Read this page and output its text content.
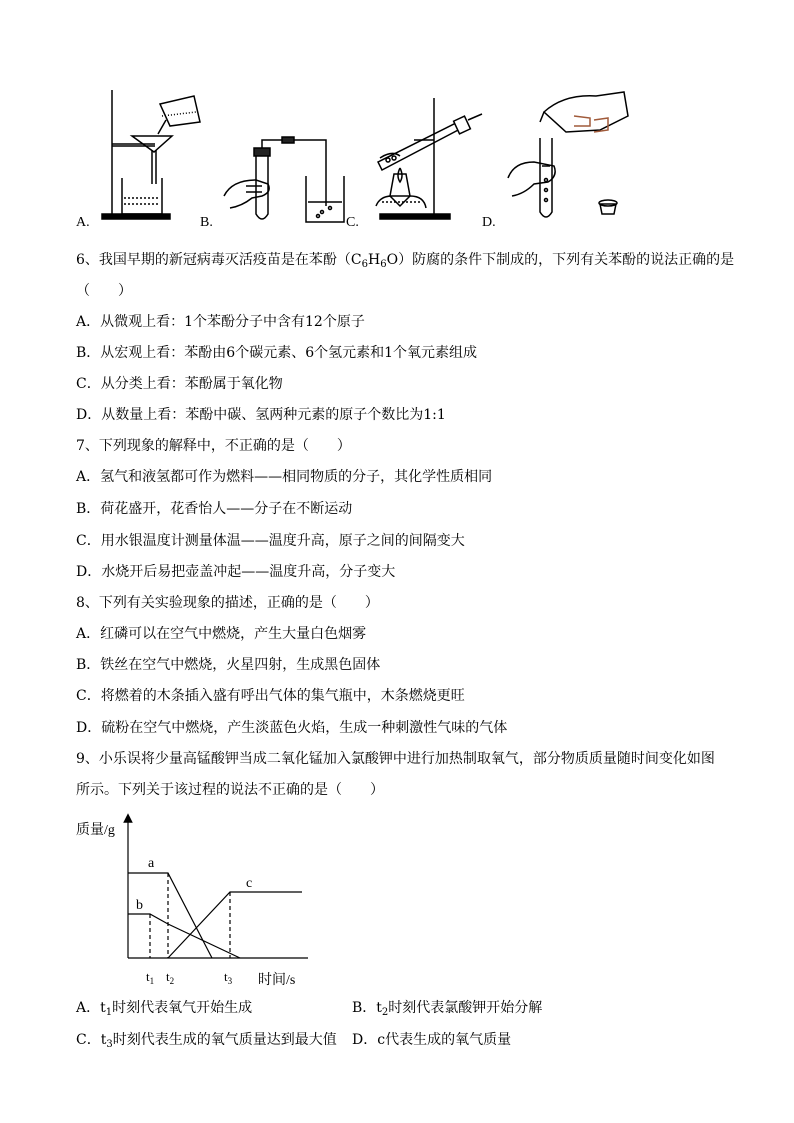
A.	B.	C.	D.
6、我国早期的新冠病毒灭活疫苗是在苯酚$(C_6H_6O)$防腐的条件下制成的，下列有关苯酚的说法正确的是
（　　）
A．从微观上看：1个苯酚分子中含有12个原子
B．从宏观上看：苯酚由6个碳元素、6个氢元素和1个氧元素组成
C．从分类上看：苯酚属于氧化物
D．从数量上看：苯酚中碳、氢两种元素的原子个数比为1:1
7、下列现象的解释中，不正确的是（　　）
A．氢气和液氢都可作为燃料——相同物质的分子，其化学性质相同
B．荷花盛开，花香怡人——分子在不断运动
C．用水银温度计测量体温——温度升高，原子之间的间隔变大
D．水烧开后易把壶盖冲起——温度升高，分子变大
8、下列有关实验现象的描述，正确的是（　　）
A．红磷可以在空气中燃烧，产生大量白色烟雾
B．铁丝在空气中燃烧，火星四射，生成黑色固体
C．将燃着的木条插入盛有呼出气体的集气瓶中，木条燃烧更旺
D．硫粉在空气中燃烧，产生淡蓝色火焰，生成一种刺激性气味的气体
9、小乐误将少量高锰酸钾当成二氧化锰加入氯酸钾中进行加热制取氧气，部分物质质量随时间变化如图
所示。下列关于该过程的说法不正确的是（　　）
质量/g
时间/s
a
b
c
$t_1$ $t_2$	$t_3$
A．$t_1$时刻代表氧气开始生成	B．$t_2$时刻代表氯酸钾开始分解
C．$t_3$时刻代表生成的氧气质量达到最大值 D．c代表生成的氧气质量
